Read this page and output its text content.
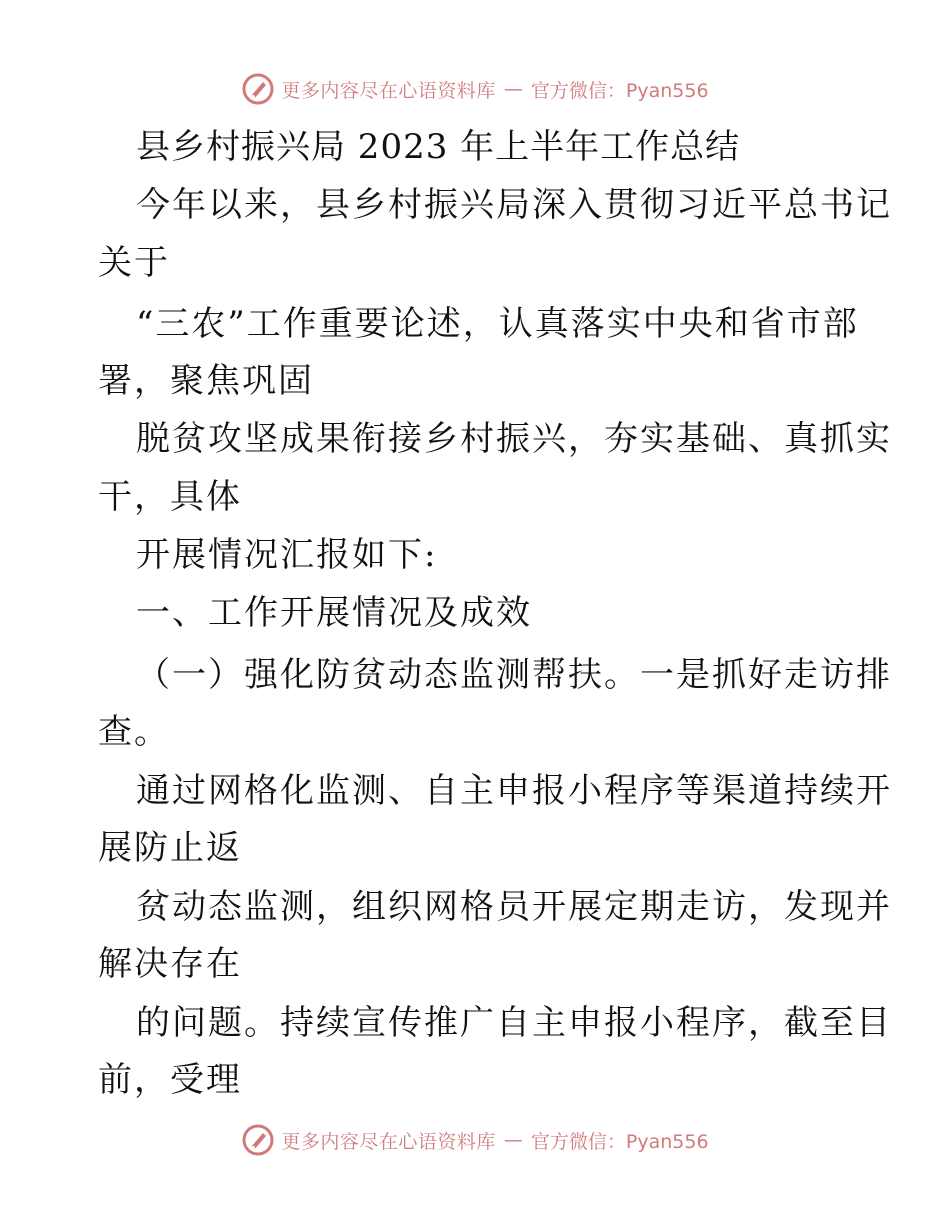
更多内容尽在心语资料库 — 官方微信：Pyan556
县乡村振兴局 2023 年上半年工作总结
今年以来，县乡村振兴局深入贯彻习近平总书记
关于
“三农”工作重要论述，认真落实中央和省市部
署，聚焦巩固
脱贫攻坚成果衔接乡村振兴，夯实基础、真抓实
干，具体
开展情况汇报如下:
一、工作开展情况及成效
（一）强化防贫动态监测帮扶。一是抓好走访排
查。
通过网格化监测、自主申报小程序等渠道持续开
展防止返
贫动态监测，组织网格员开展定期走访，发现并
解决存在
的问题。持续宣传推广自主申报小程序，截至目
前，受理
更多内容尽在心语资料库 — 官方微信：Pyan556
